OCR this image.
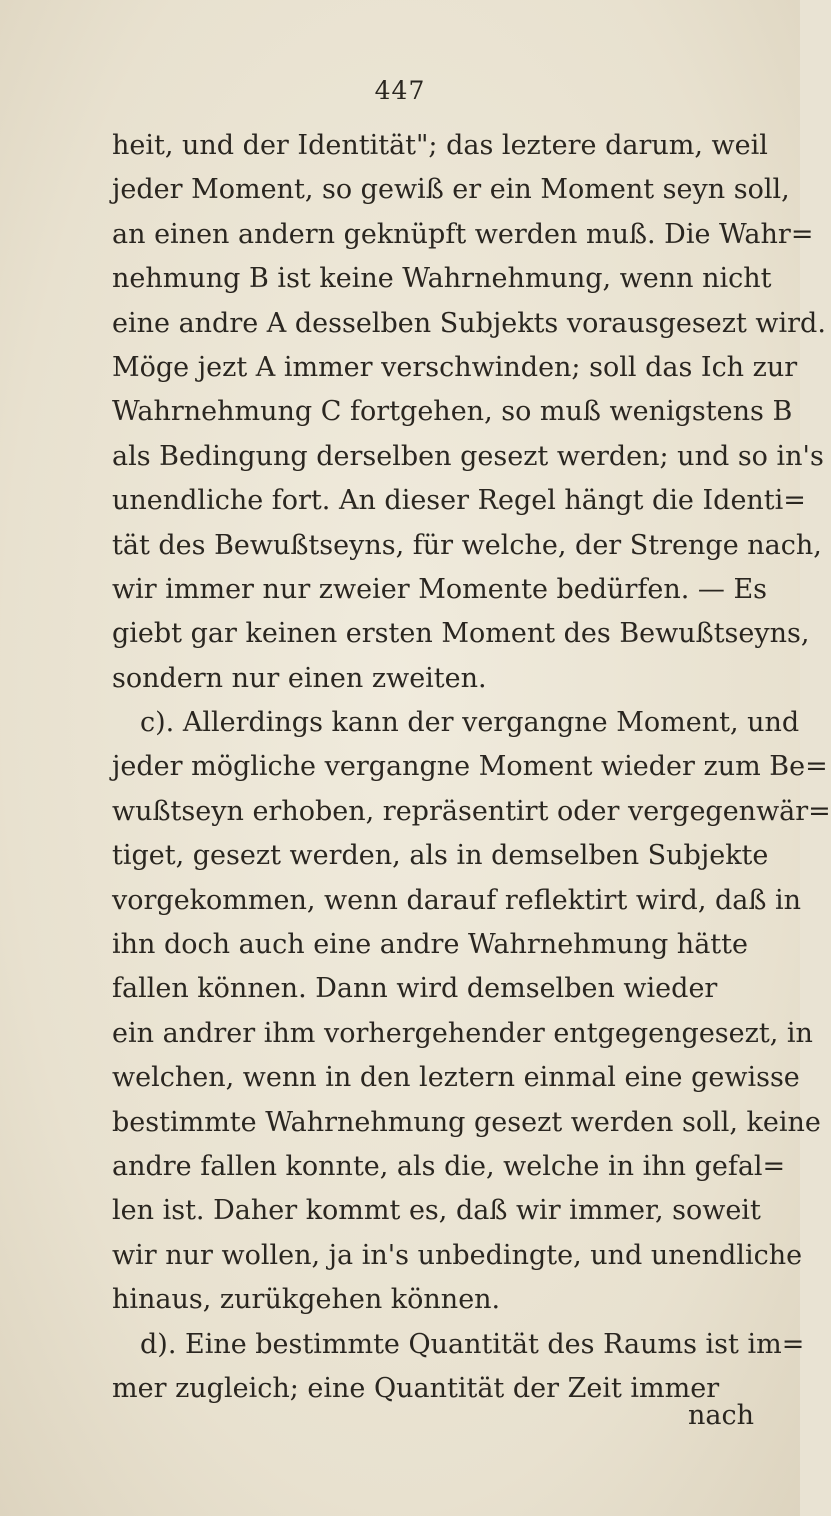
447
heit, und der Identität"; das leztere darum, weil
jeder Moment, so gewiß er ein Moment seyn soll,
an einen andern geknüpft werden muß. Die Wahr=
nehmung B ist keine Wahrnehmung, wenn nicht
eine andre A desselben Subjekts vorausgesezt wird.
Möge jezt A immer verschwinden; soll das Ich zur
Wahrnehmung C fortgehen, so muß wenigstens B
als Bedingung derselben gesezt werden; und so in's
unendliche fort. An dieser Regel hängt die Identi=
tät des Bewußtseyns, für welche, der Strenge nach,
wir immer nur zweier Momente bedürfen. — Es
giebt gar keinen ersten Moment des Bewußtseyns,
sondern nur einen zweiten.
c). Allerdings kann der vergangne Moment, und
jeder mögliche vergangne Moment wieder zum Be=
wußtseyn erhoben, repräsentirt oder vergegenwär=
tiget, gesezt werden, als in demselben Subjekte
vorgekommen, wenn darauf reflektirt wird, daß in
ihn doch auch eine andre Wahrnehmung hätte
fallen können. Dann wird demselben wieder
ein andrer ihm vorhergehender entgegengesezt, in
welchen, wenn in den leztern einmal eine gewisse
bestimmte Wahrnehmung gesezt werden soll, keine
andre fallen konnte, als die, welche in ihn gefal=
len ist. Daher kommt es, daß wir immer, soweit
wir nur wollen, ja in's unbedingte, und unendliche
hinaus, zurükgehen können.
d). Eine bestimmte Quantität des Raums ist im=
mer zugleich; eine Quantität der Zeit immer
nach
